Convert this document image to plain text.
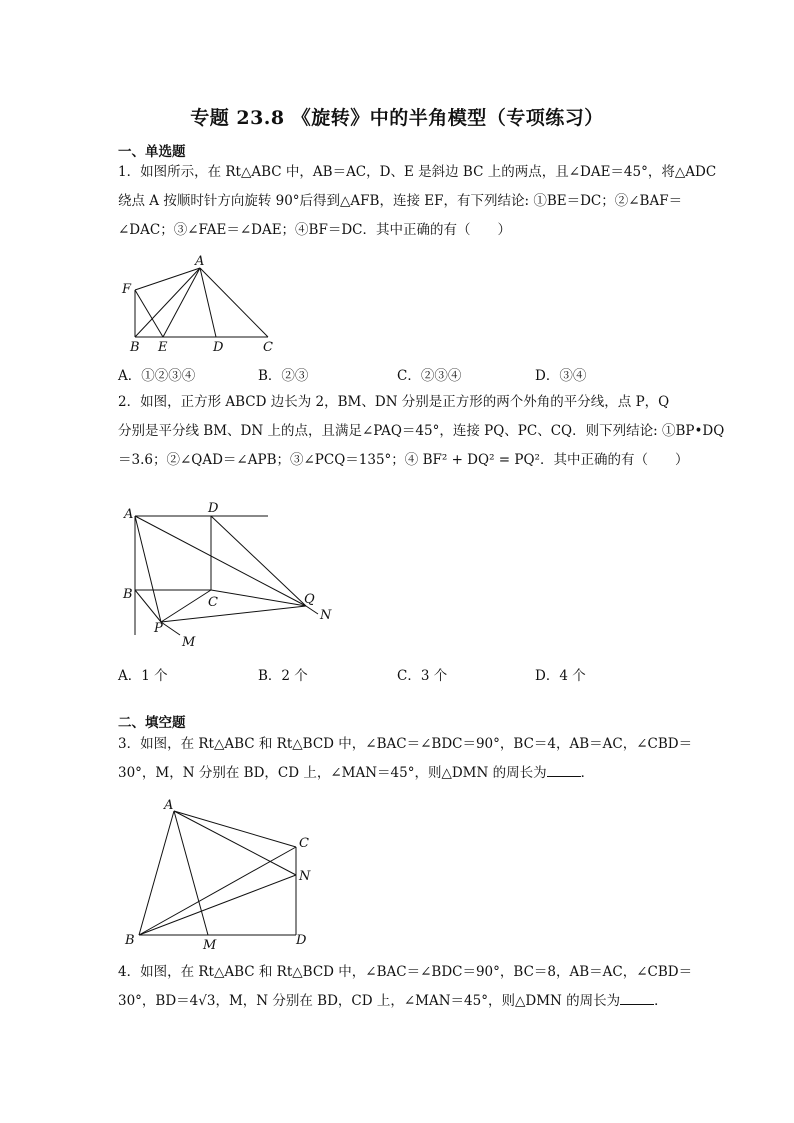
专题 23.8 《旋转》中的半角模型（专项练习）
一、单选题
1．如图所示，在 Rt△ABC 中，AB＝AC，D、E 是斜边 BC 上的两点，且∠DAE＝45°，将△ADC
绕点 A 按顺时针方向旋转 90°后得到△AFB，连接 EF，有下列结论: ①BE＝DC；②∠BAF＝
∠DAC；③∠FAE＝∠DAE；④BF＝DC．其中正确的有（　　）
A
F
B E	D	C
A．①②③④	B．②③	C．②③④	D．③④
2．如图，正方形 ABCD 边长为 2，BM、DN 分别是正方形的两个外角的平分线，点 P，Q
分别是平分线 BM、DN 上的点，且满足∠PAQ＝45°，连接 PQ、PC、CQ．则下列结论: ①BP•DQ
＝3.6；②∠QAD＝∠APB；③∠PCQ＝135°；④ BF² + DQ² = PQ²．其中正确的有（　　）
A	D
B
C
P
M
Q
N
A．1 个	B．2 个	C．3 个	D．4 个
二、填空题
3．如图，在 Rt△ABC 和 Rt△BCD 中，∠BAC＝∠BDC＝90°，BC＝4，AB＝AC，∠CBD＝
30°，M，N 分别在 BD，CD 上，∠MAN＝45°，则△DMN 的周长为	．
A
C
N
B	M	D
4．如图，在 Rt△ABC 和 Rt△BCD 中，∠BAC＝∠BDC＝90°，BC＝8，AB＝AC，∠CBD＝
30°，BD＝4√3，M，N 分别在 BD，CD 上，∠MAN＝45°，则△DMN 的周长为	．
